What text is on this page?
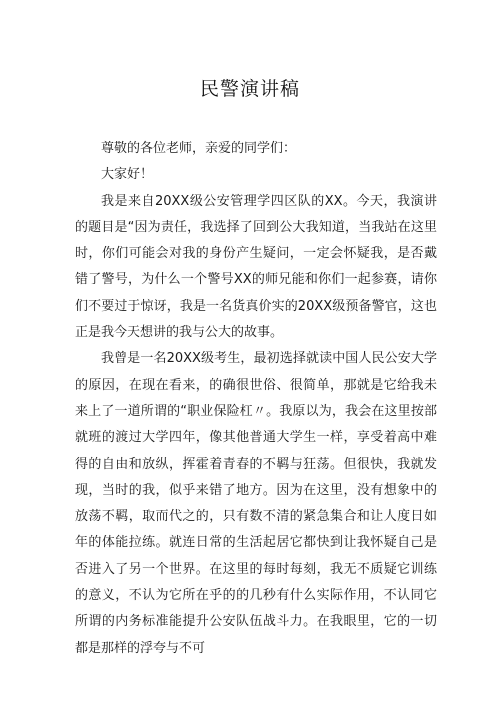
民警演讲稿

尊敬的各位老师，亲爱的同学们：

大家好！

我是来自20XX级公安管理学四区队的XX。今天，我演讲的题目是“因为责任，我选择了回到公大我知道，当我站在这里时，你们可能会对我的身份产生疑问，一定会怀疑我，是否戴错了警号，为什么一个警号XX的师兄能和你们一起参赛，请你们不要过于惊讶，我是一名货真价实的20XX级预备警官，这也正是我今天想讲的我与公大的故事。

我曾是一名20XX级考生，最初选择就读中国人民公安大学的原因，在现在看来，的确很世俗、很简单，那就是它给我未来上了一道所谓的“职业保险杠〃。我原以为，我会在这里按部就班的渡过大学四年，像其他普通大学生一样，享受着高中难得的自由和放纵，挥霍着青春的不羁与狂荡。但很快，我就发现，当时的我，似乎来错了地方。因为在这里，没有想象中的放荡不羁，取而代之的，只有数不清的紧急集合和让人度日如年的体能拉练。就连日常的生活起居它都快到让我怀疑自己是否进入了另一个世界。在这里的每时每刻，我无不质疑它训练的意义，不认为它所在乎的的几秒有什么实际作用，不认同它所谓的内务标准能提升公安队伍战斗力。在我眼里，它的一切都是那样的浮夸与不可
